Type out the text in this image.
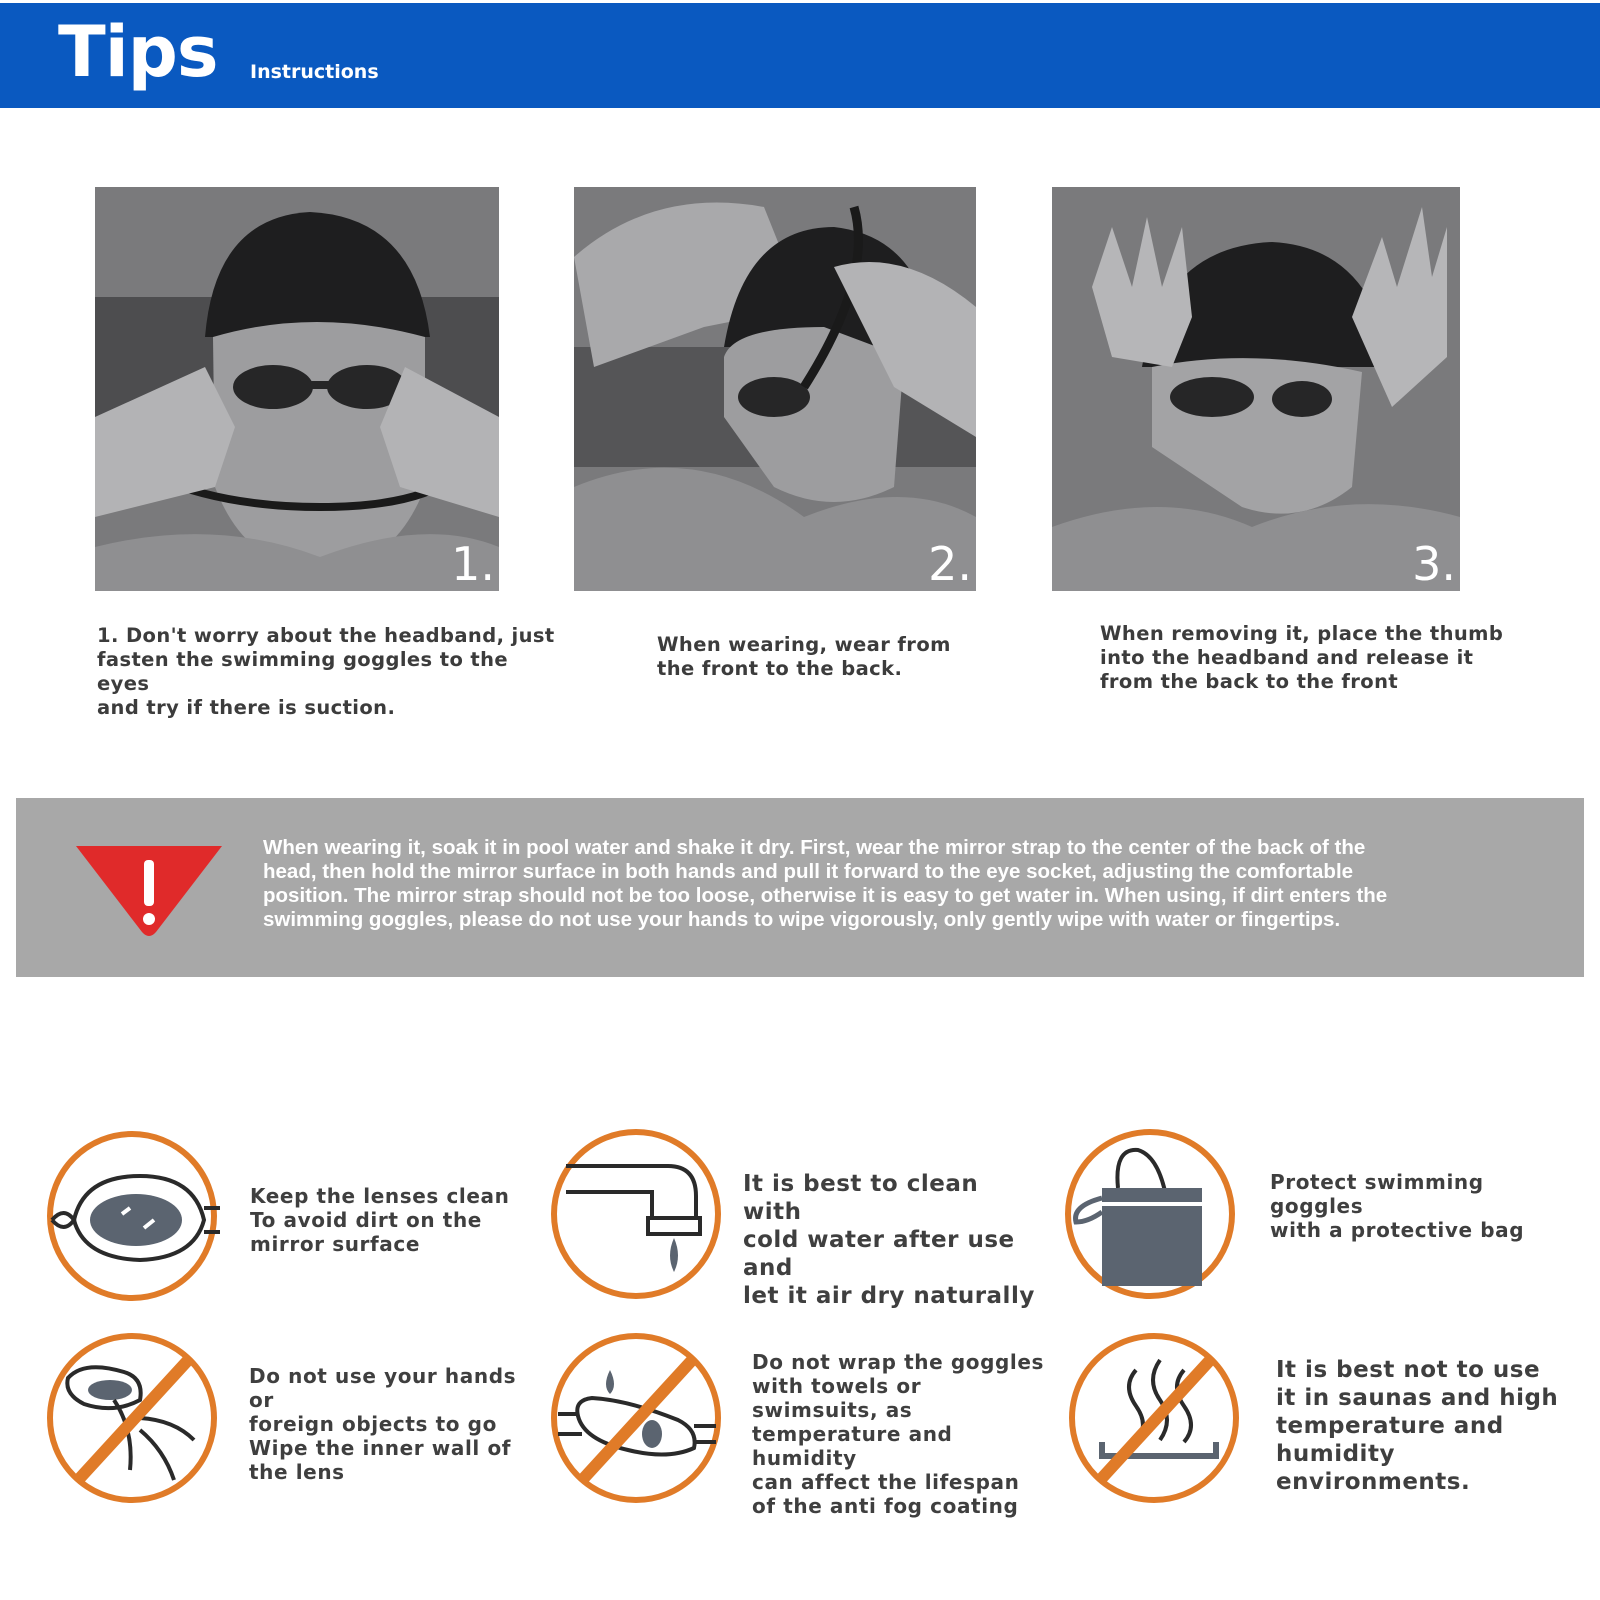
Tips Instructions
1.	2.	3.
1. Don't worry about the headband, just
fasten the swimming goggles to the eyes
and try if there is suction.
When wearing, wear from
the front to the back.
When removing it, place the thumb
into the headband and release it
from the back to the front
When wearing it, soak it in pool water and shake it dry. First, wear the mirror strap to the center of the back of the head, then hold the mirror surface in both hands and pull it forward to the eye socket, adjusting the comfortable position. The mirror strap should not be too loose, otherwise it is easy to get water in. When using, if dirt enters the swimming goggles, please do not use your hands to wipe vigorously, only gently wipe with water or fingertips.
Keep the lenses clean
To avoid dirt on the
mirror surface
It is best to clean with
cold water after use and
let it air dry naturally
Protect swimming goggles
with a protective bag
Do not use your hands or
foreign objects to go
Wipe the inner wall of
the lens
Do not wrap the goggles
with towels or
swimsuits, as
temperature and humidity
can affect the lifespan
of the anti fog coating
It is best not to use
it in saunas and high
temperature and
humidity environments.
